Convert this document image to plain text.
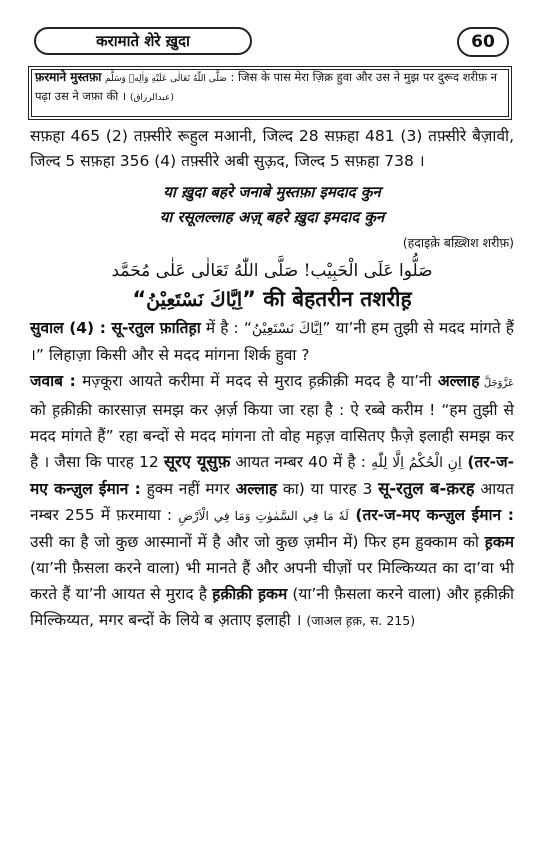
करामाते शेरे ख़ुदा	60
फ़रमाने मुस्तफ़ा صَلَّى اللّٰهُ تَعَالٰى عَلَيْهِ وَاٰلِهٖ وَسَلَّم : जिस के पास मेरा ज़िक्र हुवा और उस ने मुझ पर दुरूद शरीफ़ न पढ़ा उस ने जफ़ा की । (عبدالرزاق)
सफ़हा 465 (2) तफ़्सीरे रूहुल मआनी, जिल्द 28 सफ़हा 481 (3) तफ़्सीरे बैज़ावी, जिल्द 5 सफ़हा 356 (4) तफ़्सीरे अबी सुऊ़द, जिल्द 5 सफ़हा 738 ।
या ख़ुदा बहरे जनाबे मुस्तफ़ा इमदाद कुन
या रसूलल्लाह अज़् बहरे ख़ुदा इमदाद कुन
(हदाइके़ बख़्शिश शरीफ़)
صَلُّوا عَلَى الْحَبِيْب! صَلَّى اللّٰهُ تَعَالٰى عَلٰى مُحَمَّد
“اِيَّاكَ نَسْتَعِيْنُ” की बेहतरीन तशरीह़
सुवाल (4) : सू-रतुल फ़ातिह़ा में है : “اِيَّاكَ نَسْتَعِيْنُ” या’नी हम तुझी से मदद मांगते हैं ।” लिहाज़ा किसी और से मदद मांगना शिर्क हुवा ?
जवाब : मज़्कूरा आयते करीमा में मदद से मुराद ह़क़ीक़ी मदद है या’नी अल्लाह عَزَّوَجَلَّ को ह़क़ीक़ी कारसाज़ समझ कर अ़र्ज़ किया जा रहा है : ऐ रब्बे करीम ! “हम तुझी से मदद मांगते हैं” रहा बन्दों से मदद मांगना तो वोह मह़ज़ वासितए फ़ैज़े इलाही समझ कर है । जैसा कि पारह 12 सूरए यूसुफ़ आयत नम्बर 40 में है : اِنِ الْحُكْمُ اِلَّا لِلّٰهِ (तर-ज-मए कन्ज़ुल ईमान : हुक्म नहीं मगर अल्लाह का) या पारह 3 सू-रतुल ब-क़रह आयत नम्बर 255 में फ़रमाया : لَهٗ مَا فِي السَّمٰوٰتِ وَمَا فِي الْاَرْضِ (तर-ज-मए कन्ज़ुल ईमान : उसी का है जो कुछ आस्मानों में है और जो कुछ ज़मीन में) फिर हम ह़ुक्काम को ह़कम (या’नी फ़ैसला करने वाला) भी मानते हैं और अपनी चीज़ों पर मिल्किय्यत का दा’वा भी करते हैं या’नी आयत से मुराद है ह़क़ीक़ी ह़कम (या’नी फ़ैसला करने वाला) और ह़क़ीक़ी मिल्किय्यत, मगर बन्दों के लिये ब अ़ताए इलाही । (जाअल ह़क़, स. 215)
